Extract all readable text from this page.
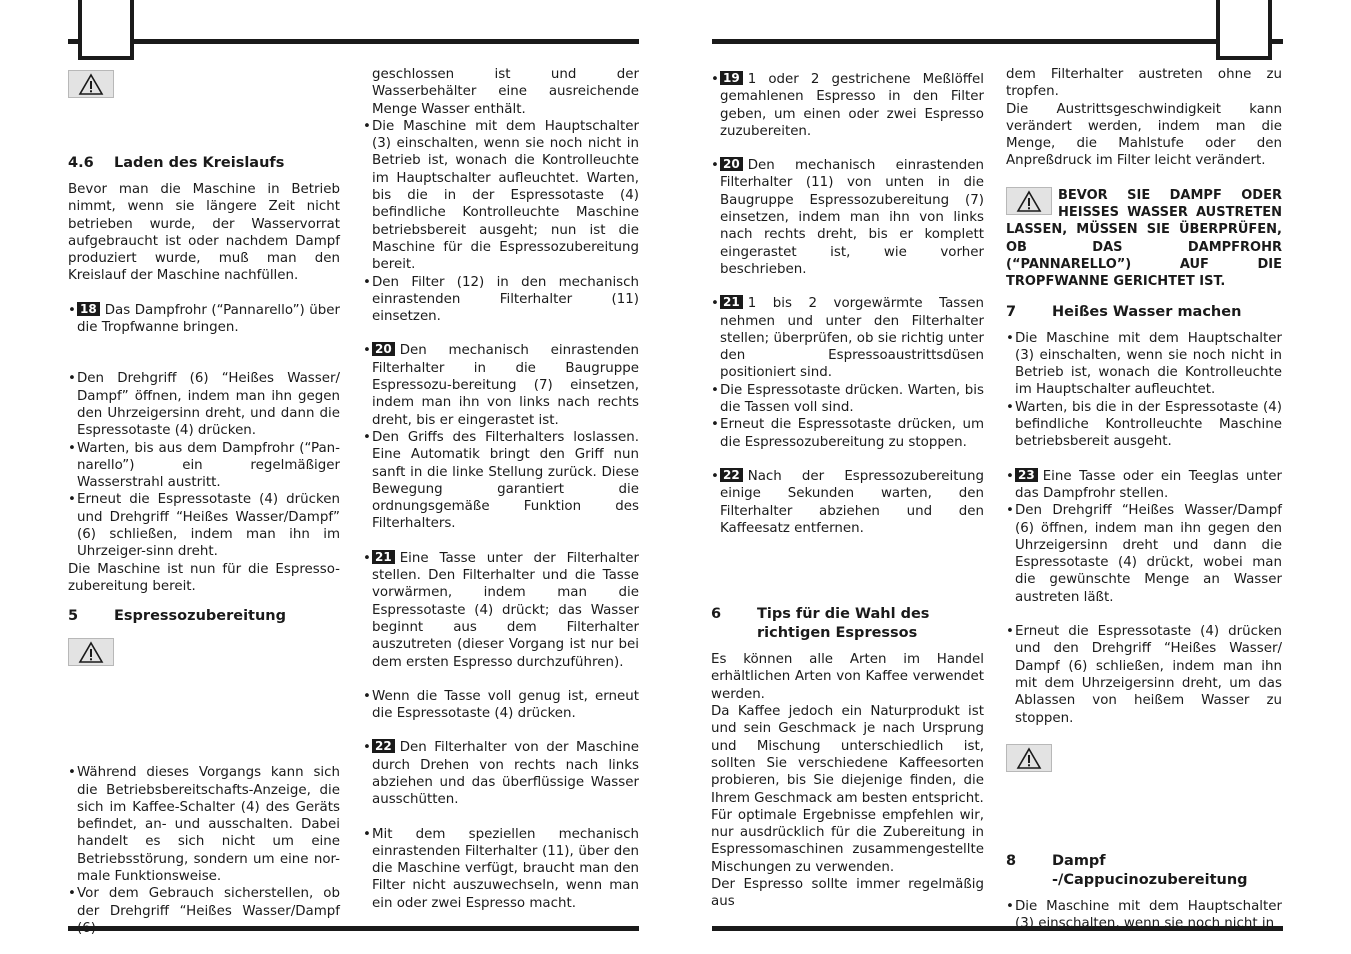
4.6	Laden des Kreislaufs

Bevor man die Maschine in Betrieb nimmt, wenn sie längere Zeit nicht betrieben wurde, der Wasservorrat aufgebraucht ist oder nachdem Dampf produziert wurde, muß man den Kreislauf der Maschine nachfüllen.

• 18 Das Dampfrohr (“Pannarello”) über die Tropfwanne bringen.

• Den Drehgriff (6) “Heißes Wasser/ Dampf” öffnen, indem man ihn gegen den Uhrzeigersinn dreht, und dann die Espressotaste (4) drücken.

• Warten, bis aus dem Dampfrohr (“Pan-narello”) ein regelmäßiger Wasserstrahl austritt.

• Erneut die Espressotaste (4) drücken und Drehgriff “Heißes Wasser/Dampf” (6) schließen, indem man ihn im Uhrzeiger-sinn dreht.

Die Maschine ist nun für die Espresso-zubereitung bereit.

5	Espressozubereitung

• Während dieses Vorgangs kann sich die Betriebsbereitschafts-Anzeige, die sich im Kaffee-Schalter (4) des Geräts befindet, an- und ausschalten. Dabei handelt es sich nicht um eine Betriebsstörung, sondern um eine nor-male Funktionsweise.

• Vor dem Gebrauch sicherstellen, ob der Drehgriff “Heißes Wasser/Dampf (6)

geschlossen ist und der Wasserbehälter eine ausreichende Menge Wasser enthält.

• Die Maschine mit dem Hauptschalter (3) einschalten, wenn sie noch nicht in Betrieb ist, wonach die Kontrolleuchte im Hauptschalter aufleuchtet. Warten, bis die in der Espressotaste (4) befindliche Kontrolleuchte Maschine betriebsbereit ausgeht; nun ist die Maschine für die Espressozubereitung bereit.

• Den Filter (12) in den mechanisch einrastenden Filterhalter (11) einsetzen.

• 20 Den mechanisch einrastenden Filterhalter in die Baugruppe Espressozu-bereitung (7) einsetzen, indem man ihn von links nach rechts dreht, bis er eingerastet ist.

• Den Griffs des Filterhalters loslassen. Eine Automatik bringt den Griff nun sanft in die linke Stellung zurück. Diese Bewegung garantiert die ordnungsgemäße Funktion des Filterhalters.

• 21 Eine Tasse unter der Filterhalter stellen. Den Filterhalter und die Tasse vorwärmen, indem man die Espressotaste (4) drückt; das Wasser beginnt aus dem Filterhalter auszutreten (dieser Vorgang ist nur bei dem ersten Espresso durchzuführen).

• Wenn die Tasse voll genug ist, erneut die Espressotaste (4) drücken.

• 22 Den Filterhalter von der Maschine durch Drehen von rechts nach links abziehen und das überflüssige Wasser ausschütten.

• Mit dem speziellen mechanisch einrastenden Filterhalter (11), über den die Maschine verfügt, braucht man den Filter nicht auszuwechseln, wenn man ein oder zwei Espresso macht.

• 19 1 oder 2 gestrichene Meßlöffel gemahlenen Espresso in den Filter geben, um einen oder zwei Espresso zuzubereiten.

• 20 Den mechanisch einrastenden Filterhalter (11) von unten in die Baugruppe Espressozubereitung (7) einsetzen, indem man ihn von links nach rechts dreht, bis er komplett eingerastet ist, wie vorher beschrieben.

• 21 1 bis 2 vorgewärmte Tassen nehmen und unter den Filterhalter stellen; überprüfen, ob sie richtig unter den Espressoaustrittsdüsen positioniert sind.

• Die Espressotaste drücken. Warten, bis die Tassen voll sind.

• Erneut die Espressotaste drücken, um die Espressozubereitung zu stoppen.

• 22 Nach der Espressozubereitung einige Sekunden warten, den Filterhalter abziehen und den Kaffeesatz entfernen.

6	Tips für die Wahl des richtigen Espressos

Es können alle Arten im Handel erhältlichen Arten von Kaffee verwendet werden.

Da Kaffee jedoch ein Naturprodukt ist und sein Geschmack je nach Ursprung und Mischung unterschiedlich ist, sollten Sie verschiedene Kaffeesorten probieren, bis Sie diejenige finden, die Ihrem Geschmack am besten entspricht.

Für optimale Ergebnisse empfehlen wir, nur ausdrücklich für die Zubereitung in Espressomaschinen zusammengestellte Mischungen zu verwenden.

Der Espresso sollte immer regelmäßig aus

dem Filterhalter austreten ohne zu tropfen.

Die Austrittsgeschwindigkeit kann verändert werden, indem man die Menge, die Mahlstufe oder den Anpreßdruck im Filter leicht verändert.

BEVOR SIE DAMPF ODER HEISSES WASSER AUSTRETEN LASSEN, MÜSSEN SIE ÜBERPRÜFEN, OB DAS DAMPFROHR (“PANNARELLO”) AUF DIE TROPFWANNE GERICHTET IST.
7	Heißes Wasser machen

• Die Maschine mit dem Hauptschalter (3) einschalten, wenn sie noch nicht in Betrieb ist, wonach die Kontrolleuchte im Hauptschalter aufleuchtet.

• Warten, bis die in der Espressotaste (4) befindliche Kontrolleuchte Maschine betriebsbereit ausgeht.

• 23 Eine Tasse oder ein Teeglas unter das Dampfrohr stellen.

• Den Drehgriff “Heißes Wasser/Dampf (6) öffnen, indem man ihn gegen den Uhrzeigersinn dreht und dann die Espressotaste (4) drückt, wobei man die gewünschte Menge an Wasser austreten läßt.

• Erneut die Espressotaste (4) drücken und den Drehgriff “Heißes Wasser/ Dampf (6) schließen, indem man ihn mit dem Uhrzeigersinn dreht, um das Ablassen von heißem Wasser zu stoppen.

8	Dampf -/Cappucinozubereitung

• Die Maschine mit dem Hauptschalter (3) einschalten, wenn sie noch nicht in
